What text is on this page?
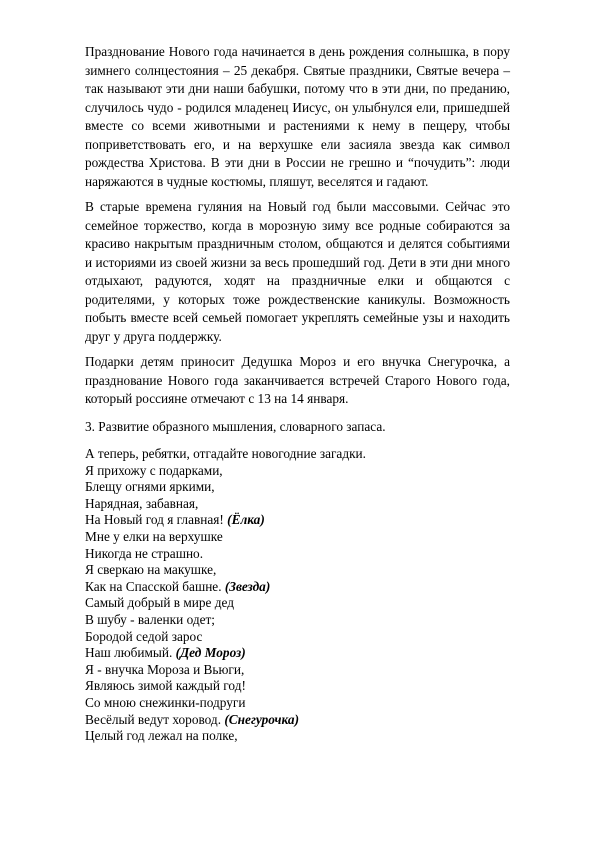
Празднование Нового года начинается в день рождения солнышка, в пору зимнего солнцестояния – 25 декабря. Святые праздники, Святые вечера – так называют эти дни наши бабушки, потому что в эти дни, по преданию, случилось чудо - родился младенец Иисус, он улыбнулся ели, пришедшей вместе со всеми животными и растениями к нему в пещеру, чтобы поприветствовать его, и на верхушке ели засияла звезда как символ рождества Христова. В эти дни в России не грешно и “почудить”: люди наряжаются в чудные костюмы, пляшут, веселятся и гадают.

В старые времена гуляния на Новый год были массовыми. Сейчас это семейное торжество, когда в морозную зиму все родные собираются за красиво накрытым праздничным столом, общаются и делятся событиями и историями из своей жизни за весь прошедший год. Дети в эти дни много отдыхают, радуются, ходят на праздничные елки и общаются с родителями, у которых тоже рождественские каникулы. Возможность побыть вместе всей семьей помогает укреплять семейные узы и находить друг у друга поддержку.

Подарки детям приносит Дедушка Мороз и его внучка Снегурочка, а празднование Нового года заканчивается встречей Старого Нового года, который россияне отмечают с 13 на 14 января.

3. Развитие образного мышления, словарного запаса.

А теперь, ребятки, отгадайте новогодние загадки.
Я прихожу с подарками,
Блещу огнями яркими,
Нарядная, забавная,
На Новый год я главная! (Ёлка)
Мне у елки на верхушке
Никогда не страшно.
Я сверкаю на макушке,
Как на Спасской башне. (Звезда)
Самый добрый в мире дед
В шубу - валенки одет;
Бородой седой зарос
Наш любимый. (Дед Мороз)
Я - внучка Мороза и Вьюги,
Являюсь зимой каждый год!
Со мною снежинки-подруги
Весёлый ведут хоровод. (Снегурочка)
Целый год лежал на полке,
